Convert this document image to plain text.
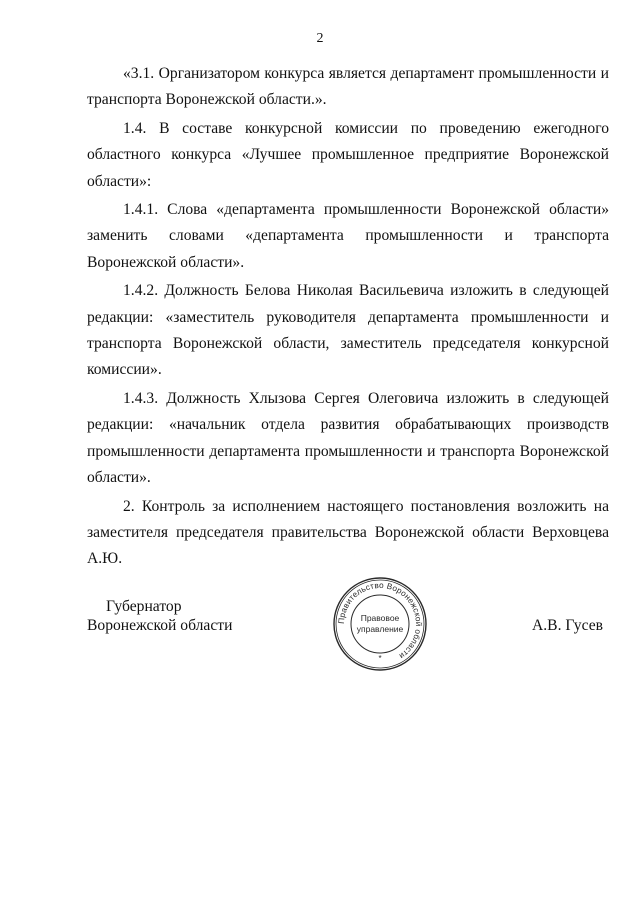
2

«3.1. Организатором конкурса является департамент промышленности и транспорта Воронежской области.».

1.4. В составе конкурсной комиссии по проведению ежегодного областного конкурса «Лучшее промышленное предприятие Воронежской области»:

1.4.1. Слова «департамента промышленности Воронежской области» заменить словами «департамента промышленности и транспорта Воронежской области».

1.4.2. Должность Белова Николая Васильевича изложить в следующей редакции: «заместитель руководителя департамента промышленности и транспорта Воронежской области, заместитель председателя конкурсной комиссии».

1.4.3. Должность Хлызова Сергея Олеговича изложить в следующей редакции: «начальник отдела развития обрабатывающих производств промышленности департамента промышленности и транспорта Воронежской области».

2. Контроль за исполнением настоящего постановления возложить на заместителя председателя правительства Воронежской области Верховцева А.Ю.

Губернатор
Воронежской области	Правительство Воронежской области
Правовое
управление
*
А.В. Гусев
